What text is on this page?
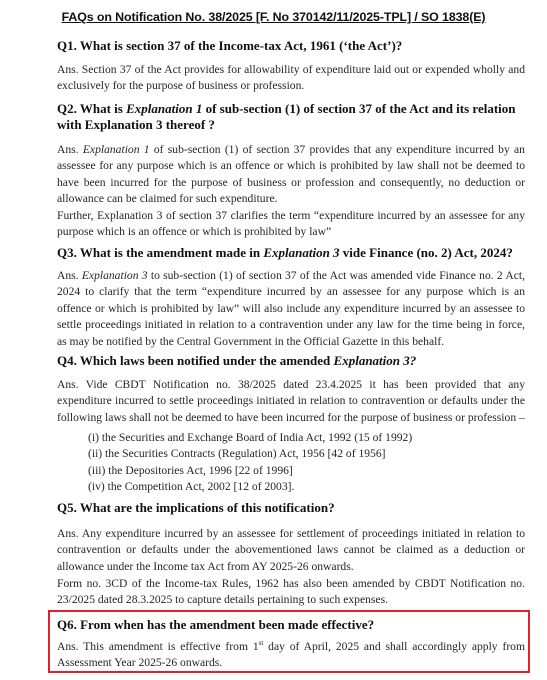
FAQs on Notification No. 38/2025 [F. No 370142/11/2025-TPL] / SO 1838(E)

Q1. What is section 37 of the Income-tax Act, 1961 (‘the Act’)?

Ans. Section 37 of the Act provides for allowability of expenditure laid out or expended wholly and exclusively for the purpose of business or profession.

Q2. What is Explanation 1 of sub-section (1) of section 37 of the Act and its relation with Explanation 3 thereof ?

Ans. Explanation 1 of sub-section (1) of section 37 provides that any expenditure incurred by an assessee for any purpose which is an offence or which is prohibited by law shall not be deemed to have been incurred for the purpose of business or profession and consequently, no deduction or allowance can be claimed for such expenditure.

Further, Explanation 3 of section 37 clarifies the term “expenditure incurred by an assessee for any purpose which is an offence or which is prohibited by law”

Q3. What is the amendment made in Explanation 3 vide Finance (no. 2) Act, 2024?

Ans. Explanation 3 to sub-section (1) of section 37 of the Act was amended vide Finance no. 2 Act, 2024 to clarify that the term “expenditure incurred by an assessee for any purpose which is an offence or which is prohibited by law” will also include any expenditure incurred by an assessee to settle proceedings initiated in relation to a contravention under any law for the time being in force, as may be notified by the Central Government in the Official Gazette in this behalf.

Q4. Which laws been notified under the amended Explanation 3?

Ans. Vide CBDT Notification no. 38/2025 dated 23.4.2025 it has been provided that any expenditure incurred to settle proceedings initiated in relation to contravention or defaults under the following laws shall not be deemed to have been incurred for the purpose of business or profession –

(i) the Securities and Exchange Board of India Act, 1992 (15 of 1992)
(ii) the Securities Contracts (Regulation) Act, 1956 [42 of 1956]
(iii) the Depositories Act, 1996 [22 of 1996]
(iv) the Competition Act, 2002 [12 of 2003].

Q5. What are the implications of this notification?

Ans. Any expenditure incurred by an assessee for settlement of proceedings initiated in relation to contravention or defaults under the abovementioned laws cannot be claimed as a deduction or allowance under the Income tax Act from AY 2025-26 onwards.

Form no. 3CD of the Income-tax Rules, 1962 has also been amended by CBDT Notification no. 23/2025 dated 28.3.2025 to capture details pertaining to such expenses.

Q6. From when has the amendment been made effective?

Ans. This amendment is effective from 1st day of April, 2025 and shall accordingly apply from Assessment Year 2025-26 onwards.
